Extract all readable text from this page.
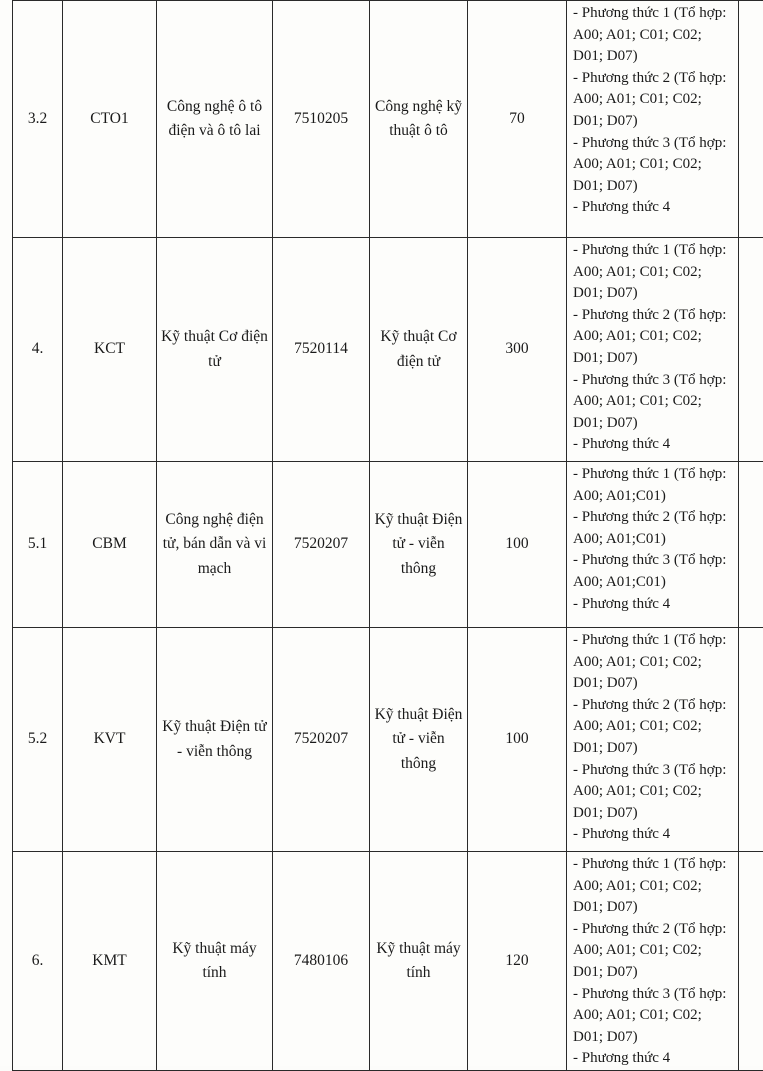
3.2	CTO1	Công nghệ ô tô điện và ô tô lai	7510205	Công nghệ kỹ thuật ô tô	70	- Phương thức 1 (Tổ hợp: A00; A01; C01; C02; D01; D07)
- Phương thức 2 (Tổ hợp: A00; A01; C01; C02; D01; D07)
- Phương thức 3 (Tổ hợp: A00; A01; C01; C02; D01; D07)
- Phương thức 4	

4.	KCT	Kỹ thuật Cơ điện tử	7520114	Kỹ thuật Cơ điện tử	300	- Phương thức 1 (Tổ hợp: A00; A01; C01; C02; D01; D07)
- Phương thức 2 (Tổ hợp: A00; A01; C01; C02; D01; D07)
- Phương thức 3 (Tổ hợp: A00; A01; C01; C02; D01; D07)
- Phương thức 4	

5.1	CBM	Công nghệ điện tử, bán dẫn và vi mạch	7520207	Kỹ thuật Điện tử - viễn thông	100	- Phương thức 1 (Tổ hợp: A00; A01;C01)
- Phương thức 2 (Tổ hợp: A00; A01;C01)
- Phương thức 3 (Tổ hợp: A00; A01;C01)
- Phương thức 4	

5.2	KVT	Kỹ thuật Điện tử - viễn thông	7520207	Kỹ thuật Điện tử - viễn thông	100	- Phương thức 1 (Tổ hợp: A00; A01; C01; C02; D01; D07)
- Phương thức 2 (Tổ hợp: A00; A01; C01; C02; D01; D07)
- Phương thức 3 (Tổ hợp: A00; A01; C01; C02; D01; D07)
- Phương thức 4	

6.	KMT	Kỹ thuật máy tính	7480106	Kỹ thuật máy tính	120	- Phương thức 1 (Tổ hợp: A00; A01; C01; C02; D01; D07)
- Phương thức 2 (Tổ hợp: A00; A01; C01; C02; D01; D07)
- Phương thức 3 (Tổ hợp: A00; A01; C01; C02; D01; D07)
- Phương thức 4	
